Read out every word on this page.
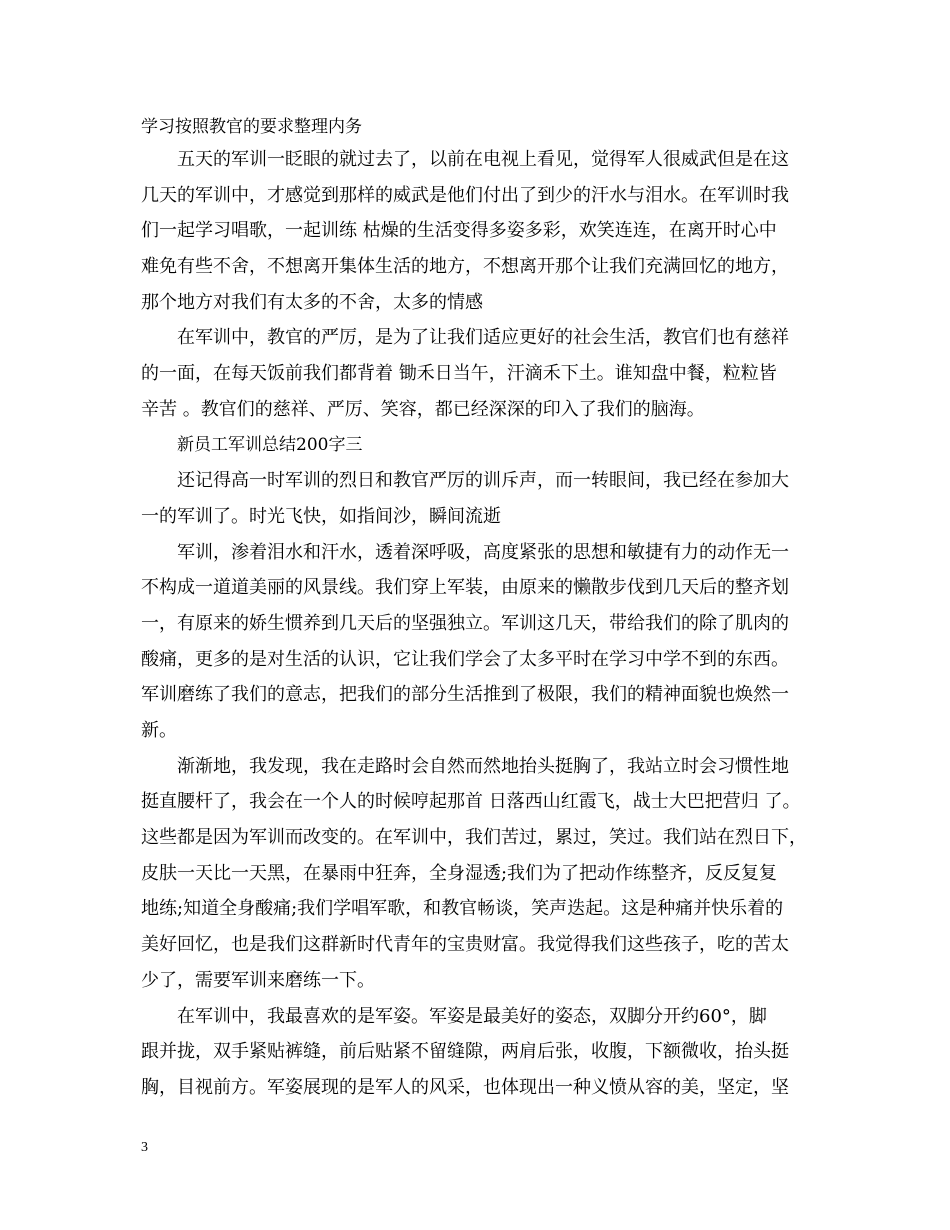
学习按照教官的要求整理内务
五天的军训一眨眼的就过去了，以前在电视上看见，觉得军人很威武但是在这
几天的军训中，才感觉到那样的威武是他们付出了到少的汗水与泪水。在军训时我
们一起学习唱歌，一起训练 枯燥的生活变得多姿多彩，欢笑连连，在离开时心中
难免有些不舍，不想离开集体生活的地方，不想离开那个让我们充满回忆的地方，
那个地方对我们有太多的不舍，太多的情感
在军训中，教官的严厉，是为了让我们适应更好的社会生活，教官们也有慈祥
的一面，在每天饭前我们都背着 锄禾日当午，汗滴禾下土。谁知盘中餐，粒粒皆
辛苦 。教官们的慈祥、严厉、笑容，都已经深深的印入了我们的脑海。
新员工军训总结200字三
还记得高一时军训的烈日和教官严厉的训斥声，而一转眼间，我已经在参加大
一的军训了。时光飞快，如指间沙，瞬间流逝
军训，渗着泪水和汗水，透着深呼吸，高度紧张的思想和敏捷有力的动作无一
不构成一道道美丽的风景线。我们穿上军装，由原来的懒散步伐到几天后的整齐划
一，有原来的娇生惯养到几天后的坚强独立。军训这几天，带给我们的除了肌肉的
酸痛，更多的是对生活的认识，它让我们学会了太多平时在学习中学不到的东西。
军训磨练了我们的意志，把我们的部分生活推到了极限，我们的精神面貌也焕然一
新。
渐渐地，我发现，我在走路时会自然而然地抬头挺胸了，我站立时会习惯性地
挺直腰杆了，我会在一个人的时候哼起那首 日落西山红霞飞，战士大巴把营归 了。
这些都是因为军训而改变的。在军训中，我们苦过，累过，笑过。我们站在烈日下，
皮肤一天比一天黑，在暴雨中狂奔，全身湿透;我们为了把动作练整齐，反反复复
地练;知道全身酸痛;我们学唱军歌，和教官畅谈，笑声迭起。这是种痛并快乐着的
美好回忆，也是我们这群新时代青年的宝贵财富。我觉得我们这些孩子，吃的苦太
少了，需要军训来磨练一下。
在军训中，我最喜欢的是军姿。军姿是最美好的姿态，双脚分开约60°，脚
跟并拢，双手紧贴裤缝，前后贴紧不留缝隙，两肩后张，收腹，下额微收，抬头挺
胸，目视前方。军姿展现的是军人的风采，也体现出一种义愤从容的美，坚定，坚
3
